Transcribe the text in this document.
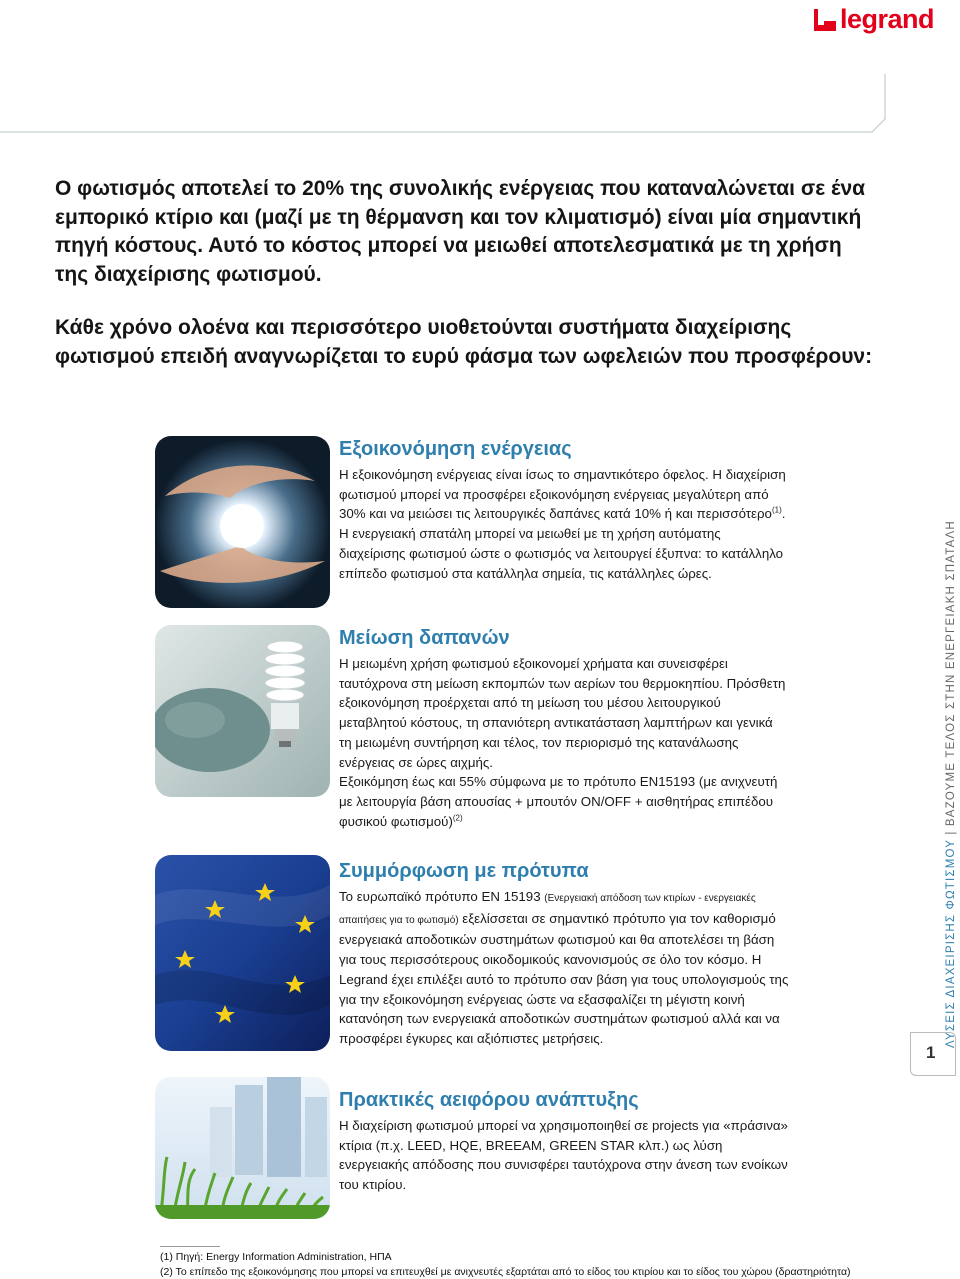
legrand

Ο φωτισμός αποτελεί το 20% της συνολικής ενέργειας που καταναλώνεται σε ένα εμπορικό κτίριο και (μαζί με τη θέρμανση και τον κλιματισμό) είναι μία σημαντική πηγή κόστους. Αυτό το κόστος μπορεί να μειωθεί αποτελεσματικά με τη χρήση της διαχείρισης φωτισμού.

Κάθε χρόνο ολοένα και περισσότερο υιοθετούνται συστήματα διαχείρισης φωτισμού επειδή αναγνωρίζεται το ευρύ φάσμα των ωφελειών που προσφέρουν:

Εξοικονόμηση ενέργειας

Η εξοικονόμηση ενέργειας είναι ίσως το σημαντικότερο όφελος. Η διαχείριση φωτισμού μπορεί να προσφέρει εξοικονόμηση ενέργειας μεγαλύτερη από 30% και να μειώσει τις λειτουργικές δαπάνες κατά 10% ή και περισσότερο$^{(1)}$. Η ενεργειακή σπατάλη μπορεί να μειωθεί με τη χρήση αυτόματης διαχείρισης φωτισμού ώστε ο φωτισμός να λειτουργεί έξυπνα: το κατάλληλο επίπεδο φωτισμού στα κατάλληλα σημεία, τις κατάλληλες ώρες.

Μείωση δαπανών

Η μειωμένη χρήση φωτισμού εξοικονομεί χρήματα και συνεισφέρει ταυτόχρονα στη μείωση εκπομπών των αερίων του θερμοκηπίου. Πρόσθετη εξοικονόμηση προέρχεται από τη μείωση του μέσου λειτουργικού μεταβλητού κόστους, τη σπανιότερη αντικατάσταση λαμπτήρων και γενικά τη μειωμένη συντήρηση και τέλος, τον περιορισμό της κατανάλωσης ενέργειας σε ώρες αιχμής.
Εξοικόμηση έως και 55% σύμφωνα με το πρότυπο EN15193 (με ανιχνευτή με λειτουργία βάση απουσίας + μπουτόν ON/OFF + αισθητήρας επιπέδου φυσικού φωτισμού)$^{(2)}$

Συμμόρφωση με πρότυπα

Το ευρωπαϊκό πρότυπο EN 15193 (Ενεργειακή απόδοση των κτιρίων - ενεργειακές απαιτήσεις για το φωτισμό) εξελίσσεται σε σημαντικό πρότυπο για τον καθορισμό ενεργειακά αποδοτικών συστημάτων φωτισμού και θα αποτελέσει τη βάση για τους περισσότερους οικοδομικούς κανονισμούς σε όλο τον κόσμο. Η Legrand έχει επιλέξει αυτό το πρότυπο σαν βάση για τους υπολογισμούς της για την εξοικονόμηση ενέργειας ώστε να εξασφαλίζει τη μέγιστη κοινή κατανόηση των ενεργειακά αποδοτικών συστημάτων φωτισμού αλλά και να προσφέρει έγκυρες και αξιόπιστες μετρήσεις.

Πρακτικές αειφόρου ανάπτυξης

Η διαχείριση φωτισμού μπορεί να χρησιμοποιηθεί σε projects για «πράσινα» κτίρια (π.χ. LEED, HQE, BREEAM, GREEN STAR κλπ.) ως λύση ενεργειακής απόδοσης που συνισφέρει ταυτόχρονα στην άνεση των ενοίκων του κτιρίου.

ΛΥΣΕΙΣ ΔΙΑΧΕΙΡΙΣΗΣ ΦΩΤΙΣΜΟΥ | ΒΑΖΟΥΜΕ ΤΕΛΟΣ ΣΤΗΝ ΕΝΕΡΓΕΙΑΚΗ ΣΠΑΤΑΛΗ
1

(1) Πηγή: Energy Information Administration, ΗΠΑ

(2) Το επίπεδο της εξοικονόμησης που μπορεί να επιτευχθεί με ανιχνευτές εξαρτάται από το είδος του κτιρίου και το είδος του χώρου (δραστηριότητα)
